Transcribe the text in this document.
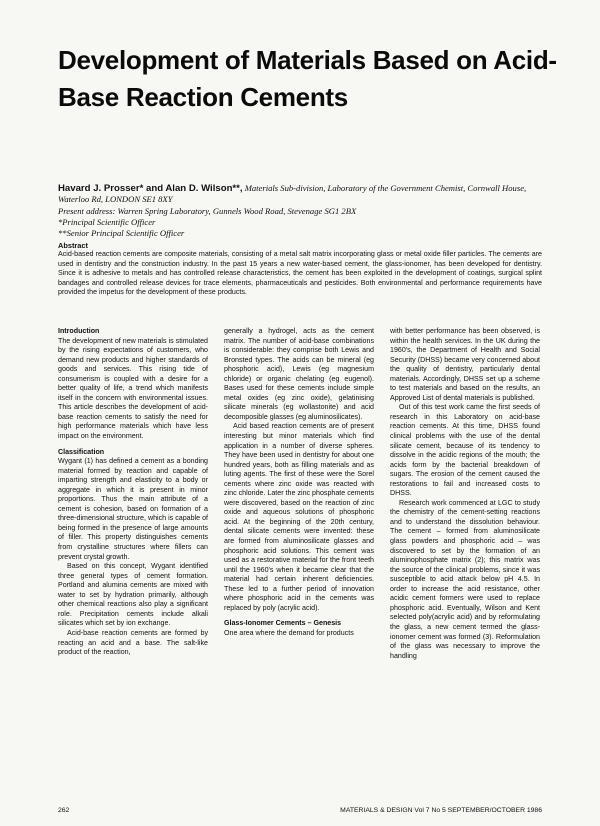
Development of Materials Based on Acid-Base Reaction Cements
Havard J. Prosser* and Alan D. Wilson**, Materials Sub-division, Laboratory of the Government Chemist, Cornwall House, Waterloo Rd, LONDON SE1 8XY
Present address: Warren Spring Laboratory, Gunnels Wood Road, Stevenage SG1 2BX
*Principal Scientific Officer
**Senior Principal Scientific Officer
Abstract
Acid-based reaction cements are composite materials, consisting of a metal salt matrix incorporating glass or metal oxide filler particles. The cements are used in dentistry and the construction industry. In the past 15 years a new water-based cement, the glass-ionomer, has been developed for dentistry. Since it is adhesive to metals and has controlled release characteristics, the cement has been exploited in the development of coatings, surgical splint bandages and controlled release devices for trace elements, pharmaceuticals and pesticides. Both environmental and performance requirements have provided the impetus for the development of these products.

Introduction

The development of new materials is stimulated by the rising expectations of customers, who demand new products and higher standards of goods and services. This rising tide of consumerism is coupled with a desire for a better quality of life, a trend which manifests itself in the concern with environmental issues. This article describes the development of acid-base reaction cements to satisfy the need for high performance materials which have less impact on the environment.

Classification

Wygant (1) has defined a cement as a bonding material formed by reaction and capable of imparting strength and elasticity to a body or aggregate in which it is present in minor proportions. Thus the main attribute of a cement is cohesion, based on formation of a three-dimensional structure, which is capable of being formed in the presence of large amounts of filler. This property distinguishes cements from crystalline structures where fillers can prevent crystal growth.

Based on this concept, Wygant identified three general types of cement formation. Portland and alumina cements are mixed with water to set by hydration primarily, although other chemical reactions also play a significant role. Precipitation cements include alkali silicates which set by ion exchange.

Acid-base reaction cements are formed by reacting an acid and a base. The salt-like product of the reaction,

generally a hydrogel, acts as the cement matrix. The number of acid-base combinations is considerable: they comprise both Lewis and Bronsted types. The acids can be mineral (eg phosphoric acid), Lewis (eg magnesium chloride) or organic chelating (eg eugenol). Bases used for these cements include simple metal oxides (eg zinc oxide), gelatinising silicate minerals (eg wollastonite) and acid decomposible glasses (eg aluminosilicates).

Acid based reaction cements are of present interesting but minor materials which find application in a number of diverse spheres. They have been used in dentistry for about one hundred years, both as filling materials and as luting agents. The first of these were the Sorel cements where zinc oxide was reacted with zinc chloride. Later the zinc phosphate cements were discovered, based on the reaction of zinc oxide and aqueous solutions of phosphoric acid. At the beginning of the 20th century, dental silicate cements were invented: these are formed from aluminosilicate glasses and phosphoric acid solutions. This cement was used as a restorative material for the front teeth until the 1960's when it became clear that the material had certain inherent deficiencies. These led to a further period of innovation where phosphoric acid in the cements was replaced by poly (acrylic acid).

Glass-Ionomer Cements – Genesis

One area where the demand for products

with better performance has been observed, is within the health services. In the UK during the 1960's, the Department of Health and Social Security (DHSS) became very concerned about the quality of dentistry, particularly dental materials. Accordingly, DHSS set up a scheme to test materials and based on the results, an Approved List of dental materials is published.

Out of this test work came the first seeds of research in this Laboratory on acid-base reaction cements. At this time, DHSS found clinical problems with the use of the dental silicate cement, because of its tendency to dissolve in the acidic regions of the mouth; the acids form by the bacterial breakdown of sugars. The erosion of the cement caused the restorations to fail and increased costs to DHSS.

Research work commenced at LGC to study the chemistry of the cement-setting reactions and to understand the dissolution behaviour. The cement – formed from aluminosilicate glass powders and phosphoric acid – was discovered to set by the formation of an aluminophosphate matrix (2); this matrix was the source of the clinical problems, since it was susceptible to acid attack below pH 4.5. In order to increase the acid resistance, other acidic cement formers were used to replace phosphoric acid. Eventually, Wilson and Kent selected poly(acrylic acid) and by reformulating the glass, a new cement termed the glass-ionomer cement was formed (3). Reformulation of the glass was necessary to improve the handling

262	MATERIALS & DESIGN Vol 7 No 5 SEPTEMBER/OCTOBER 1986
